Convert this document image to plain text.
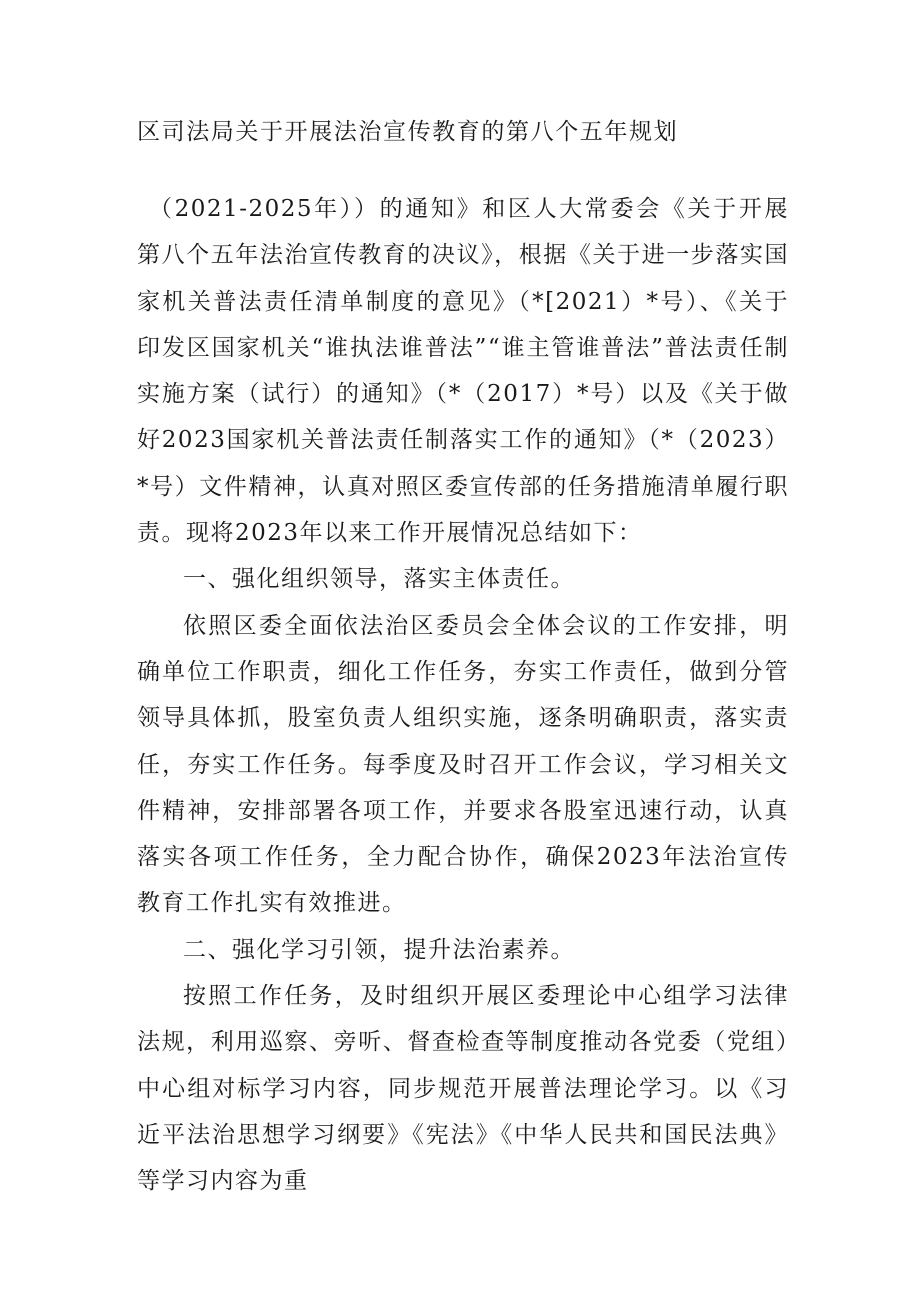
区司法局关于开展法治宣传教育的第八个五年规划

（2021-2025年））的通知》和区人大常委会《关于开展第八个五年法治宣传教育的决议》，根据《关于进一步落实国家机关普法责任清单制度的意见》（*[2021）*号）、《关于印发区国家机关“谁执法谁普法”“谁主管谁普法”普法责任制实施方案（试行）的通知》（*（2017）*号）以及《关于做好2023国家机关普法责任制落实工作的通知》（*（2023）*号）文件精神，认真对照区委宣传部的任务措施清单履行职责。现将2023年以来工作开展情况总结如下：

一、强化组织领导，落实主体责任。

依照区委全面依法治区委员会全体会议的工作安排，明确单位工作职责，细化工作任务，夯实工作责任，做到分管领导具体抓，股室负责人组织实施，逐条明确职责，落实责任，夯实工作任务。每季度及时召开工作会议，学习相关文件精神，安排部署各项工作，并要求各股室迅速行动，认真落实各项工作任务，全力配合协作，确保2023年法治宣传教育工作扎实有效推进。

二、强化学习引领，提升法治素养。

按照工作任务，及时组织开展区委理论中心组学习法律法规，利用巡察、旁听、督查检查等制度推动各党委（党组）中心组对标学习内容，同步规范开展普法理论学习。以《习近平法治思想学习纲要》《宪法》《中华人民共和国民法典》等学习内容为重
